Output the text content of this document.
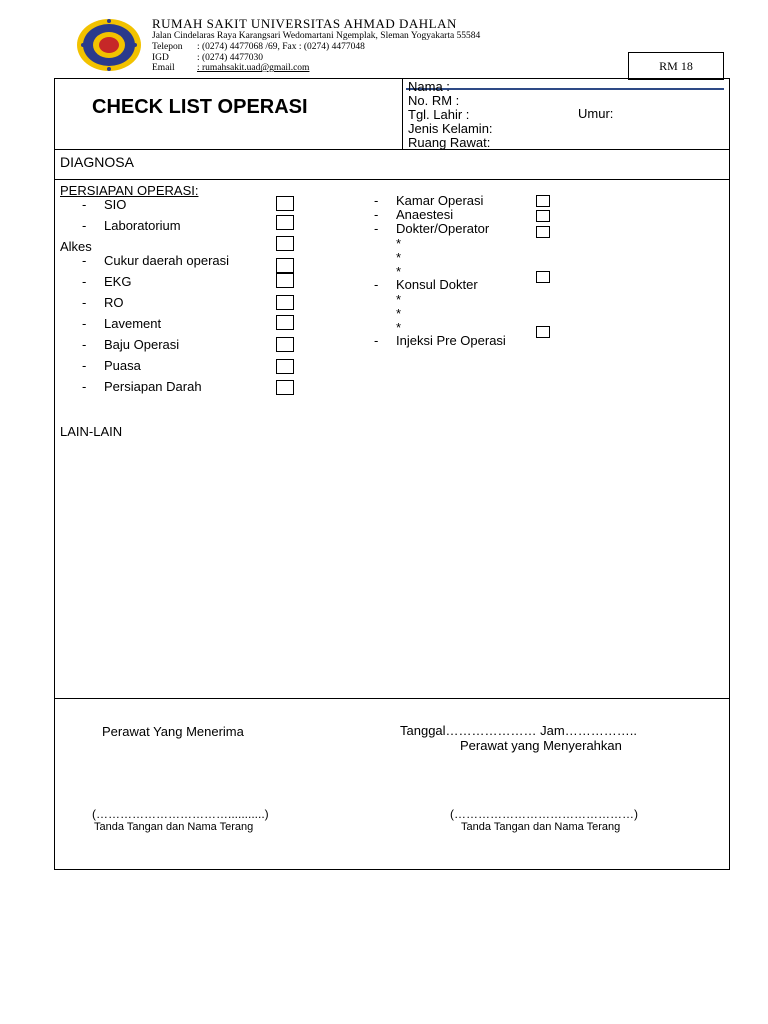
RUMAH SAKIT UNIVERSITAS AHMAD DAHLAN
Jalan Cindelaras Raya Karangsari Wedomartani Ngemplak, Sleman Yogyakarta 55584
Telepon : (0274) 4477068 /69, Fax : (0274) 4477048
IGD	: (0274) 4477030
Email : rumahsakit.uad@gmail.com	RM 18
CHECK LIST OPERASI
Nama :
No. RM :
Tgl. Lahir :
Jenis Kelamin:
Ruang Rawat:
Umur:
DIAGNOSA
PERSIAPAN OPERASI:
- SIO
- Laboratorium
Alkes
- Cukur daerah operasi
- EKG
- RO
- Lavement
- Baju Operasi
- Puasa
- Persiapan Darah
- Kamar Operasi
- Anaestesi
- Dokter/Operator
*
*
*
- Konsul Dokter
*
*
*
- Injeksi Pre Operasi
LAIN-LAIN
Perawat Yang Menerima	Tanggal………………… Jam……………..
Perawat yang Menyerahkan
(……………………………...........)
Tanda Tangan dan Nama Terang
(………………………………………)
Tanda Tangan dan Nama Terang
